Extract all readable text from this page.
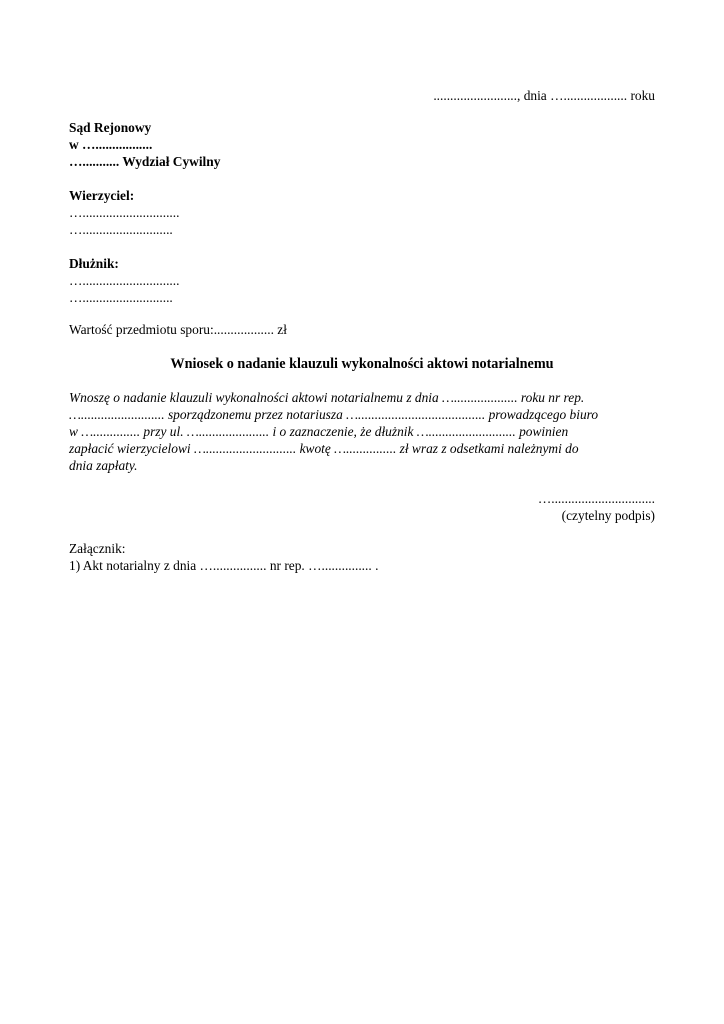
........................., dnia …................... roku
Sąd Rejonowy
w ….................
…........... Wydział Cywilny
Wierzyciel:
….............................
…...........................
Dłużnik:
….............................
…...........................
Wartość przedmiotu sporu:.................. zł
Wniosek o nadanie klauzuli wykonalności aktowi notarialnemu
Wnoszę o nadanie klauzuli wykonalności aktowi notarialnemu z dnia …................... roku nr rep.
…......................... sporządzonemu przez notariusza …...................................... prowadzącego biuro
w ….............. przy ul. …..................... i o zaznaczenie, że dłużnik ….......................... powinien
zapłacić wierzycielowi …........................... kwotę …............... zł wraz z odsetkami należnymi do
dnia zapłaty.
…...............................
(czytelny podpis)
Załącznik:
1) Akt notarialny z dnia …................ nr rep. …............... .
